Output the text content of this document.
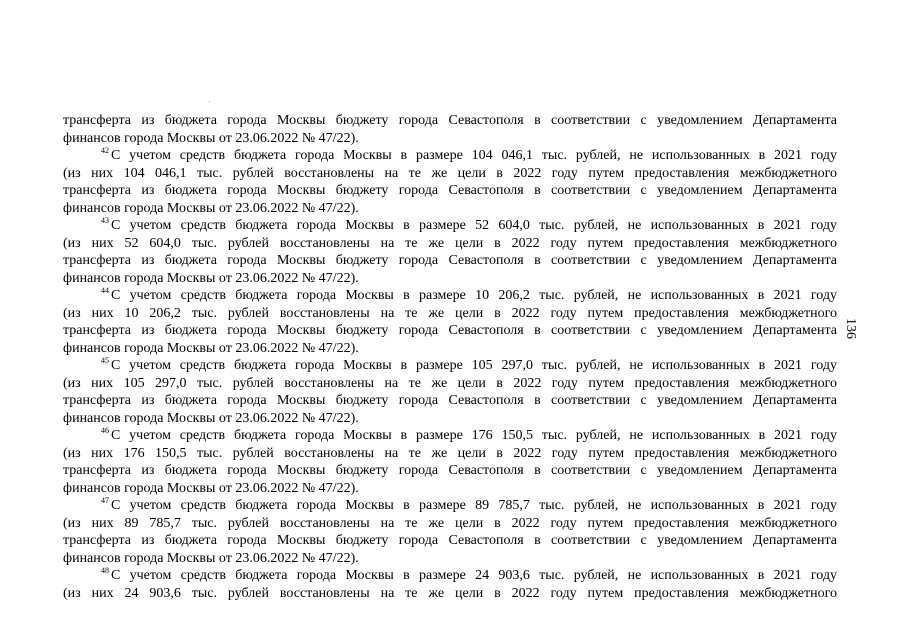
трансферта из бюджета города Москвы бюджету города Севастополя в соответствии с уведомлением Департамента
финансов города Москвы от 23.06.2022 № 47/22).
$^{42}$ С учетом средств бюджета города Москвы в размере 104 046,1 тыс. рублей, не использованных в 2021 году
(из них 104 046,1 тыс. рублей восстановлены на те же цели в 2022 году путем предоставления межбюджетного
трансферта из бюджета города Москвы бюджету города Севастополя в соответствии с уведомлением Департамента
финансов города Москвы от 23.06.2022 № 47/22).
$^{43}$ С учетом средств бюджета города Москвы в размере 52 604,0 тыс. рублей, не использованных в 2021 году
(из них 52 604,0 тыс. рублей восстановлены на те же цели в 2022 году путем предоставления межбюджетного
трансферта из бюджета города Москвы бюджету города Севастополя в соответствии с уведомлением Департамента
финансов города Москвы от 23.06.2022 № 47/22).
$^{44}$ С учетом средств бюджета города Москвы в размере 10 206,2 тыс. рублей, не использованных в 2021 году
(из них 10 206,2 тыс. рублей восстановлены на те же цели в 2022 году путем предоставления межбюджетного
трансферта из бюджета города Москвы бюджету города Севастополя в соответствии с уведомлением Департамента
финансов города Москвы от 23.06.2022 № 47/22).
$^{45}$ С учетом средств бюджета города Москвы в размере 105 297,0 тыс. рублей, не использованных в 2021 году
(из них 105 297,0 тыс. рублей восстановлены на те же цели в 2022 году путем предоставления межбюджетного
трансферта из бюджета города Москвы бюджету города Севастополя в соответствии с уведомлением Департамента
финансов города Москвы от 23.06.2022 № 47/22).
$^{46}$ С учетом средств бюджета города Москвы в размере 176 150,5 тыс. рублей, не использованных в 2021 году
(из них 176 150,5 тыс. рублей восстановлены на те же цели в 2022 году путем предоставления межбюджетного
трансферта из бюджета города Москвы бюджету города Севастополя в соответствии с уведомлением Департамента
финансов города Москвы от 23.06.2022 № 47/22).
$^{47}$ С учетом средств бюджета города Москвы в размере 89 785,7 тыс. рублей, не использованных в 2021 году
(из них 89 785,7 тыс. рублей восстановлены на те же цели в 2022 году путем предоставления межбюджетного
трансферта из бюджета города Москвы бюджету города Севастополя в соответствии с уведомлением Департамента
финансов города Москвы от 23.06.2022 № 47/22).
$^{48}$ С учетом средств бюджета города Москвы в размере 24 903,6 тыс. рублей, не использованных в 2021 году
(из них 24 903,6 тыс. рублей восстановлены на те же цели в 2022 году путем предоставления межбюджетного
136
